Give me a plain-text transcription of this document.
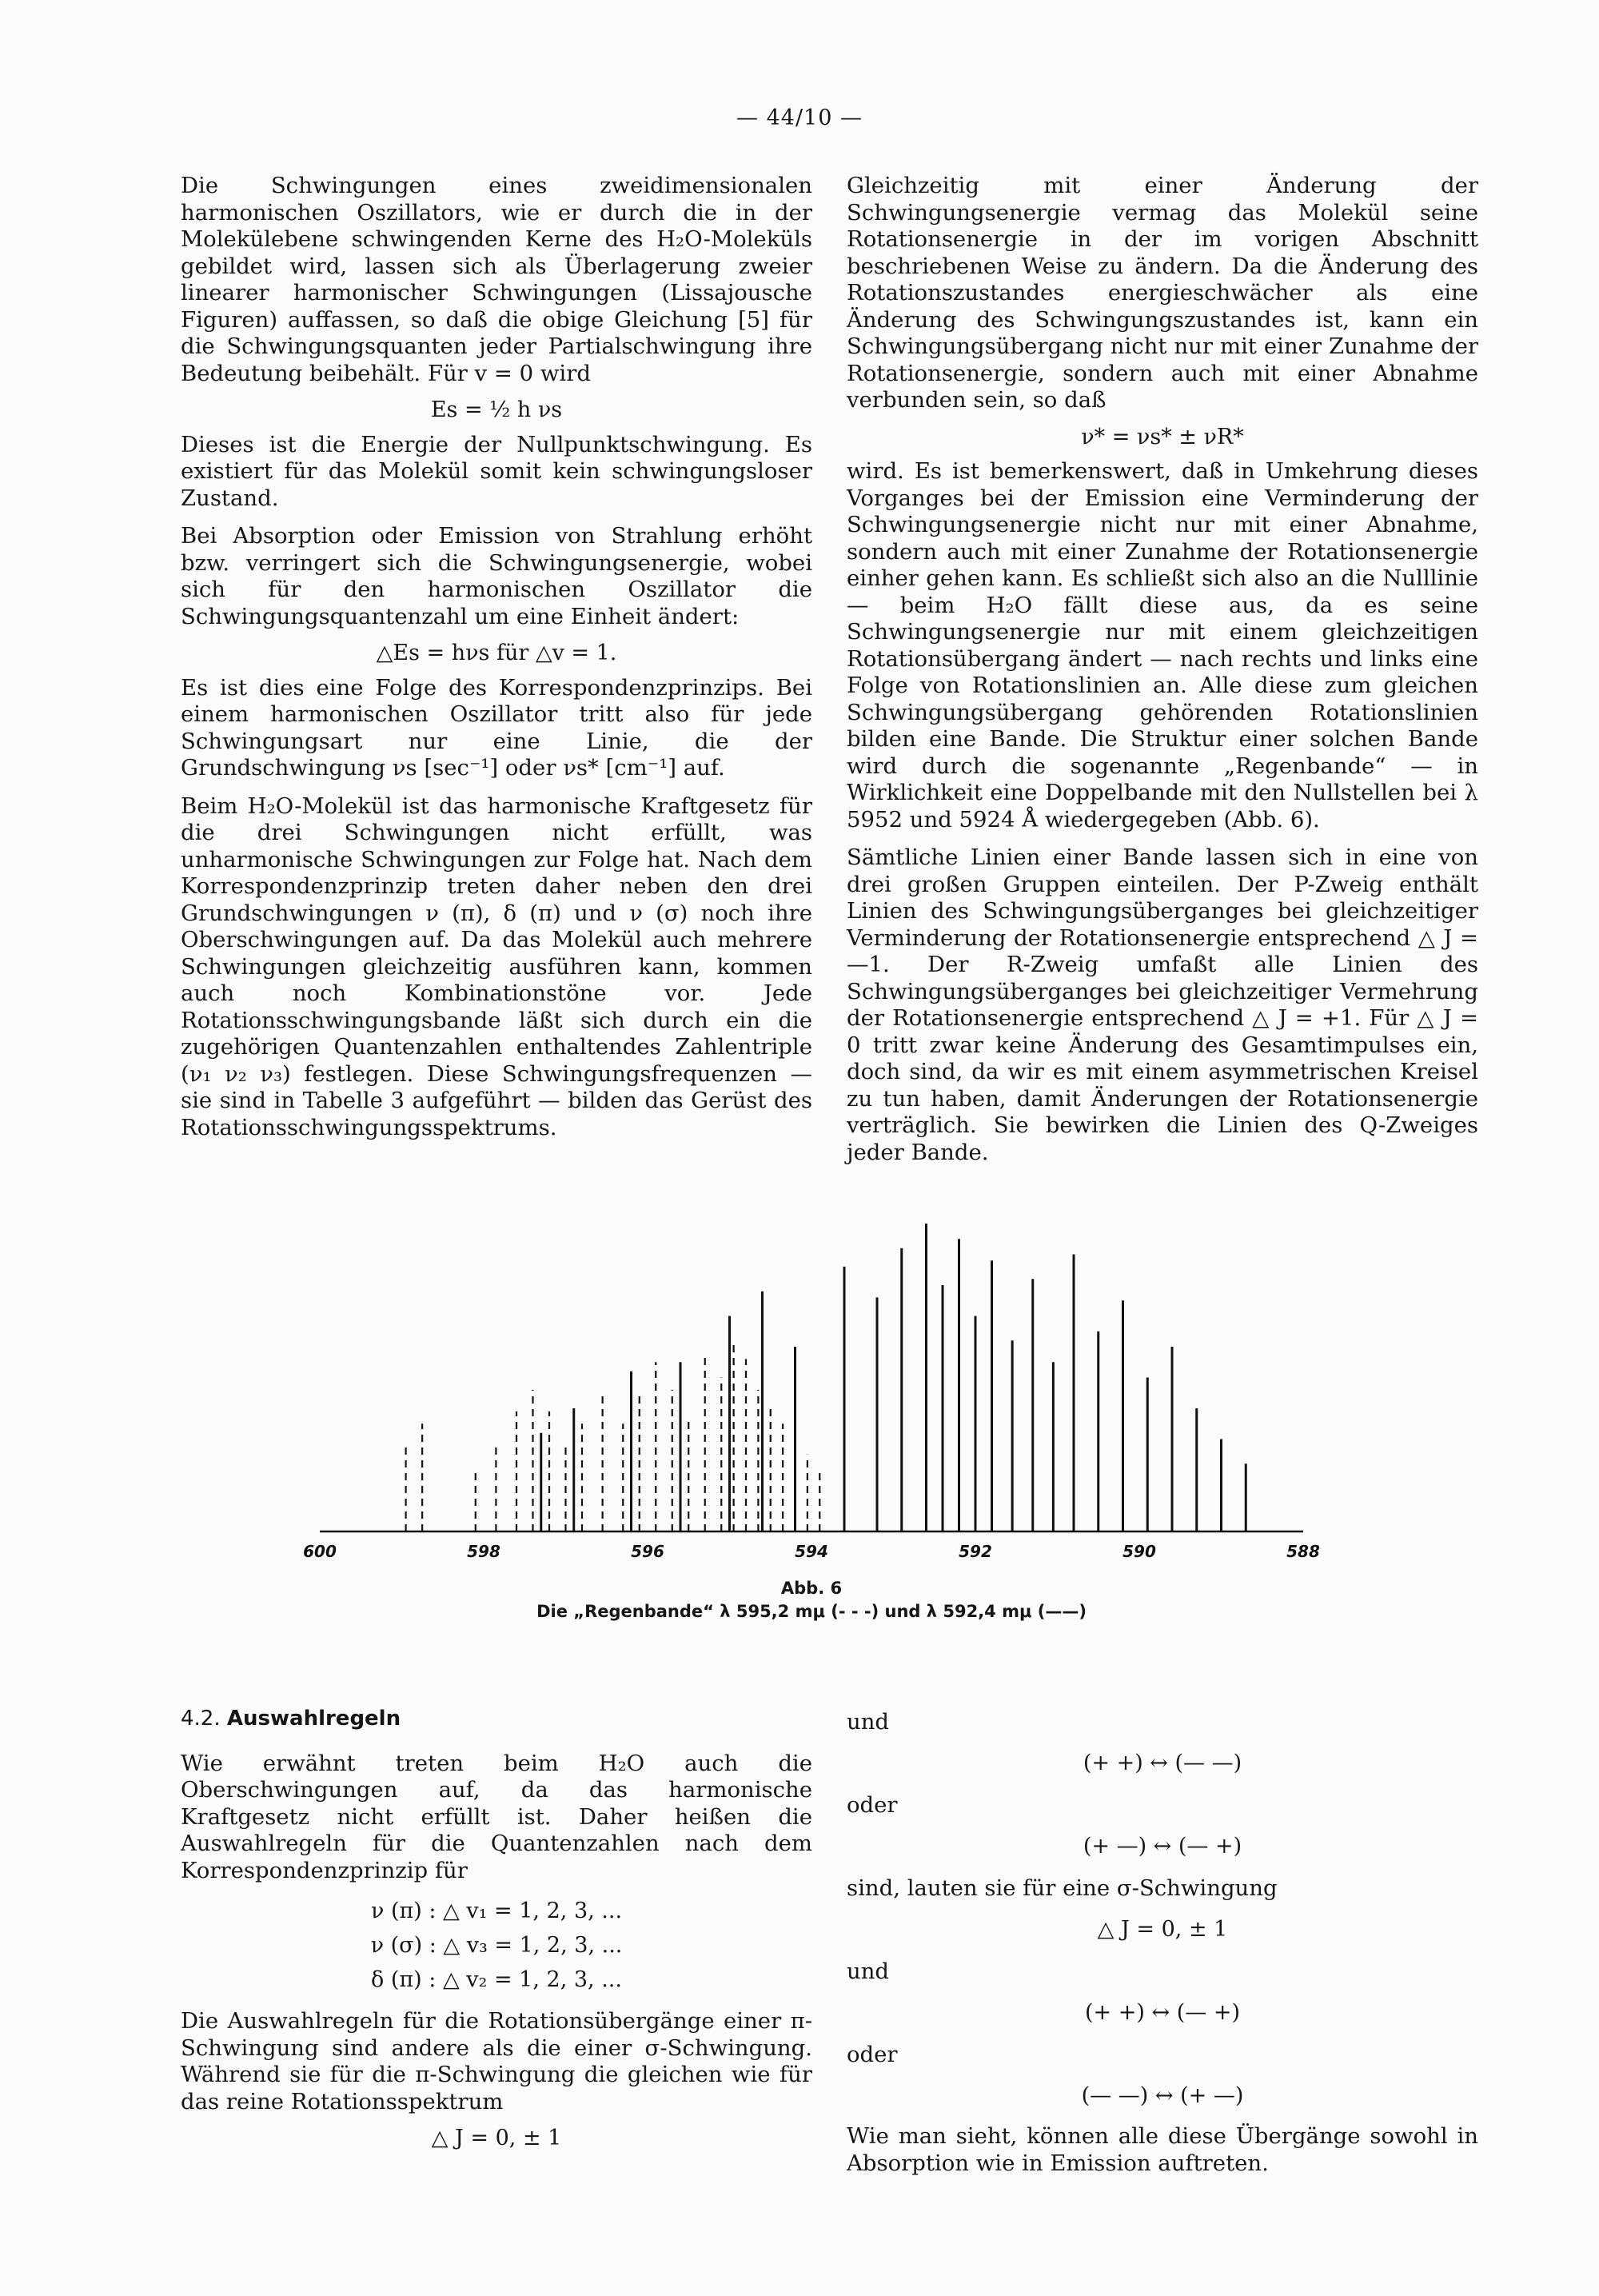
— 44/10 —

Die Schwingungen eines zweidimensionalen harmonischen Oszillators, wie er durch die in der Molekülebene schwingenden Kerne des H₂O-Moleküls gebildet wird, lassen sich als Überlagerung zweier linearer harmonischer Schwingungen (Lissajousche Figuren) auffassen, so daß die obige Gleichung [5] für die Schwingungsquanten jeder Partialschwingung ihre Bedeutung beibehält. Für v = 0 wird

Es = ½ h νs

Dieses ist die Energie der Nullpunktschwingung. Es existiert für das Molekül somit kein schwingungsloser Zustand.

Bei Absorption oder Emission von Strahlung erhöht bzw. verringert sich die Schwingungsenergie, wobei sich für den harmonischen Oszillator die Schwingungsquantenzahl um eine Einheit ändert:

△Es = hνs für △v = 1.

Es ist dies eine Folge des Korrespondenzprinzips. Bei einem harmonischen Oszillator tritt also für jede Schwingungsart nur eine Linie, die der Grundschwingung νs [sec⁻¹] oder νs* [cm⁻¹] auf.

Beim H₂O-Molekül ist das harmonische Kraftgesetz für die drei Schwingungen nicht erfüllt, was unharmonische Schwingungen zur Folge hat. Nach dem Korrespondenzprinzip treten daher neben den drei Grundschwingungen ν (π), δ (π) und ν (σ) noch ihre Oberschwingungen auf. Da das Molekül auch mehrere Schwingungen gleichzeitig ausführen kann, kommen auch noch Kombinationstöne vor. Jede Rotationsschwingungsbande läßt sich durch ein die zugehörigen Quantenzahlen enthaltendes Zahlentriple (ν₁ ν₂ ν₃) festlegen. Diese Schwingungsfrequenzen — sie sind in Tabelle 3 aufgeführt — bilden das Gerüst des Rotationsschwingungsspektrums.

Gleichzeitig mit einer Änderung der Schwingungsenergie vermag das Molekül seine Rotationsenergie in der im vorigen Abschnitt beschriebenen Weise zu ändern. Da die Änderung des Rotationszustandes energieschwächer als eine Änderung des Schwingungszustandes ist, kann ein Schwingungsübergang nicht nur mit einer Zunahme der Rotationsenergie, sondern auch mit einer Abnahme verbunden sein, so daß

ν* = νs* ± νR*

wird. Es ist bemerkenswert, daß in Umkehrung dieses Vorganges bei der Emission eine Verminderung der Schwingungsenergie nicht nur mit einer Abnahme, sondern auch mit einer Zunahme der Rotationsenergie einher gehen kann. Es schließt sich also an die Nulllinie — beim H₂O fällt diese aus, da es seine Schwingungsenergie nur mit einem gleichzeitigen Rotationsübergang ändert — nach rechts und links eine Folge von Rotationslinien an. Alle diese zum gleichen Schwingungsübergang gehörenden Rotationslinien bilden eine Bande. Die Struktur einer solchen Bande wird durch die sogenannte „Regenbande“ — in Wirklichkeit eine Doppelbande mit den Nullstellen bei λ 5952 und 5924 Å wiedergegeben (Abb. 6).

Sämtliche Linien einer Bande lassen sich in eine von drei großen Gruppen einteilen. Der P-Zweig enthält Linien des Schwingungsüberganges bei gleichzeitiger Verminderung der Rotationsenergie entsprechend △ J = —1. Der R-Zweig umfaßt alle Linien des Schwingungsüberganges bei gleichzeitiger Vermehrung der Rotationsenergie entsprechend △ J = +1. Für △ J = 0 tritt zwar keine Änderung des Gesamtimpulses ein, doch sind, da wir es mit einem asymmetrischen Kreisel zu tun haben, damit Änderungen der Rotationsenergie verträglich. Sie bewirken die Linien des Q-Zweiges jeder Bande.

600	598	596	594	592	590	588
Abb. 6
Die „Regenbande“ λ 595,2 mμ (- - -) und λ 592,4 mμ (——)
4.2. Auswahlregeln

Wie erwähnt treten beim H₂O auch die Oberschwingungen auf, da das harmonische Kraftgesetz nicht erfüllt ist. Daher heißen die Auswahlregeln für die Quantenzahlen nach dem Korrespondenzprinzip für

ν (π) : △ v₁ = 1, 2, 3, ...
ν (σ) : △ v₃ = 1, 2, 3, ...
δ (π) : △ v₂ = 1, 2, 3, ...

Die Auswahlregeln für die Rotationsübergänge einer π-Schwingung sind andere als die einer σ-Schwingung. Während sie für die π-Schwingung die gleichen wie für das reine Rotationsspektrum

△ J = 0, ± 1

und

(+ +) ↔ (— —)

oder

(+ —) ↔ (— +)

sind, lauten sie für eine σ-Schwingung

△ J = 0, ± 1

und

(+ +) ↔ (— +)

oder

(— —) ↔ (+ —)

Wie man sieht, können alle diese Übergänge sowohl in Absorption wie in Emission auftreten.
